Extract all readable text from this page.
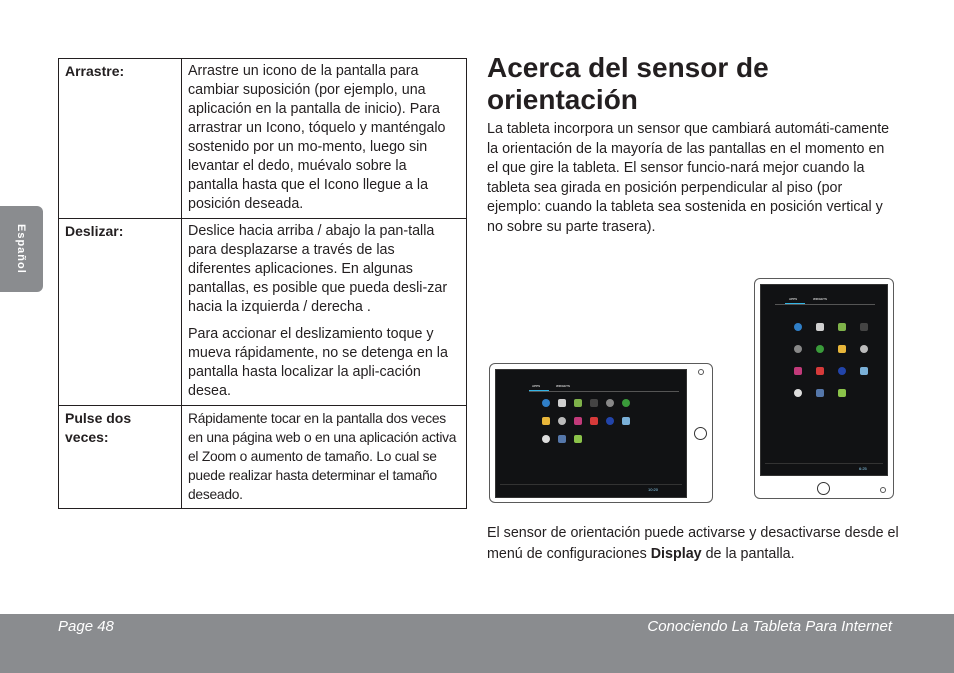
Español
Arrastre:	Arrastre un icono de la pantalla para cambiar suposición (por ejemplo, una aplicación en la pantalla de inicio). Para arrastrar un Icono, tóquelo y manténgalo sostenido por un mo-mento, luego sin levantar el dedo, muévalo sobre la pantalla hasta que el Icono llegue a la posición deseada.

Deslizar:	Deslice hacia arriba / abajo la pan-talla para desplazarse a través de las diferentes aplicaciones. En algunas pantallas, es posible que pueda desli-zar hacia la izquierda / derecha .

Para accionar el deslizamiento toque y mueva rápidamente, no se detenga en la pantalla hasta localizar la apli-cación desea.

Pulse dos veces:	Rápidamente tocar en la pantalla dos veces en una página web o en una aplicación activa el Zoom o aumento de tamaño. Lo cual se puede realizar hasta determinar el tamaño deseado.

Acerca del sensor de orientación

La tableta incorpora un sensor que cambiará automáti-camente la orientación de la mayoría de las pantallas en el momento en el que gire la tableta. El sensor funcio-nará mejor cuando la tableta sea girada en posición perpendicular al piso (por ejemplo: cuando la tableta sea sostenida en posición vertical y no sobre su parte trasera).

APPS	WIDGETS
10:20
APPS	WIDGETS
6:25

El sensor de orientación puede activarse y desactivarse desde el menú de configuraciones Display de la pantalla.

Page 48	Conociendo La Tableta Para Internet
